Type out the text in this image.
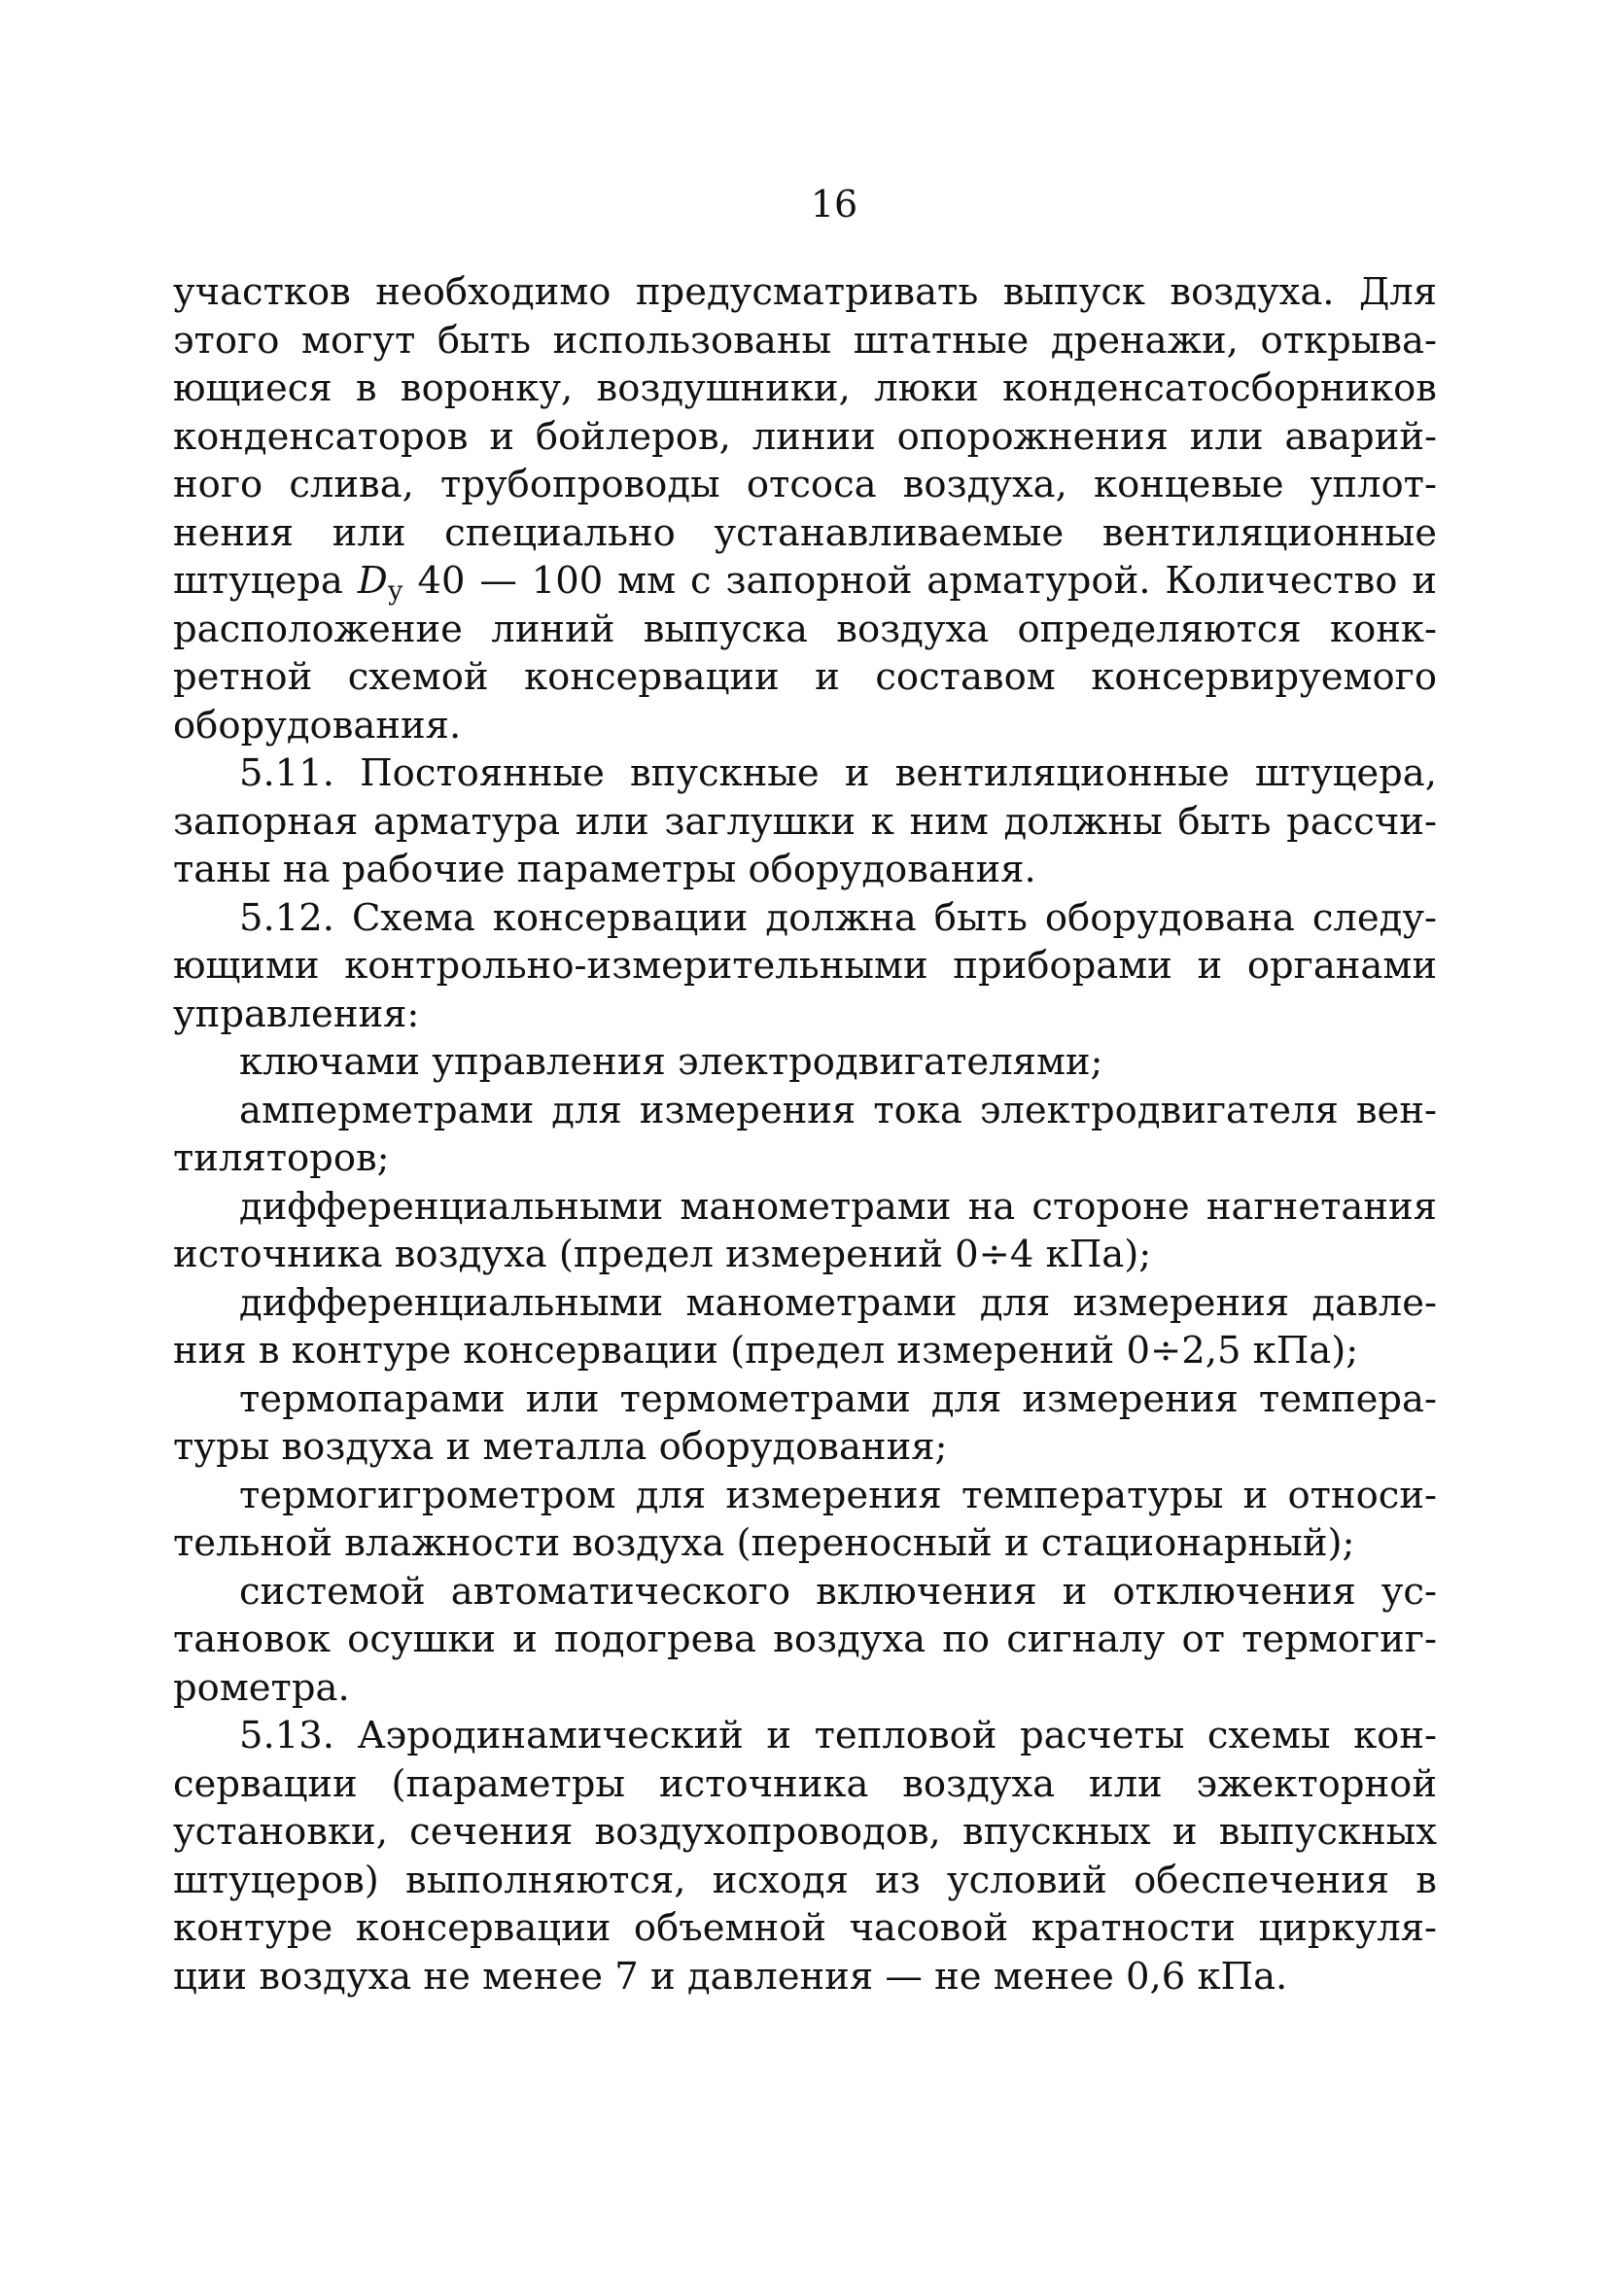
16

участков необходимо предусматривать выпуск воздуха. Для этого могут быть использованы штатные дренажи, открывающиеся в воронку, воздушники, люки конденсатосборников конденсаторов и бойлеров, линии опорожнения или аварийного слива, трубопроводы отсоса воздуха, концевые уплотнения или специально устанавливаемые вентиляционные штуцера $D_у$ 40 — 100 мм с запорной арматурой. Количество и расположение линий выпуска воздуха определяются конкретной схемой консервации и составом консервируемого оборудования.

5.11. Постоянные впускные и вентиляционные штуцера, запорная арматура или заглушки к ним должны быть рассчитаны на рабочие параметры оборудования.

5.12. Схема консервации должна быть оборудована следующими контрольно-измерительными приборами и органами управления:

ключами управления электродвигателями;

амперметрами для измерения тока электродвигателя вентиляторов;

дифференциальными манометрами на стороне нагнетания источника воздуха (предел измерений 0÷4 кПа);

дифференциальными манометрами для измерения давления в контуре консервации (предел измерений 0÷2,5 кПа);

термопарами или термометрами для измерения температуры воздуха и металла оборудования;

термогигрометром для измерения температуры и относительной влажности воздуха (переносный и стационарный);

системой автоматического включения и отключения установок осушки и подогрева воздуха по сигналу от термогигрометра.

5.13. Аэродинамический и тепловой расчеты схемы консервации (параметры источника воздуха или эжекторной установки, сечения воздухопроводов, впускных и выпускных штуцеров) выполняются, исходя из условий обеспечения в контуре консервации объемной часовой кратности циркуляции воздуха не менее 7 и давления — не менее 0,6 кПа.
